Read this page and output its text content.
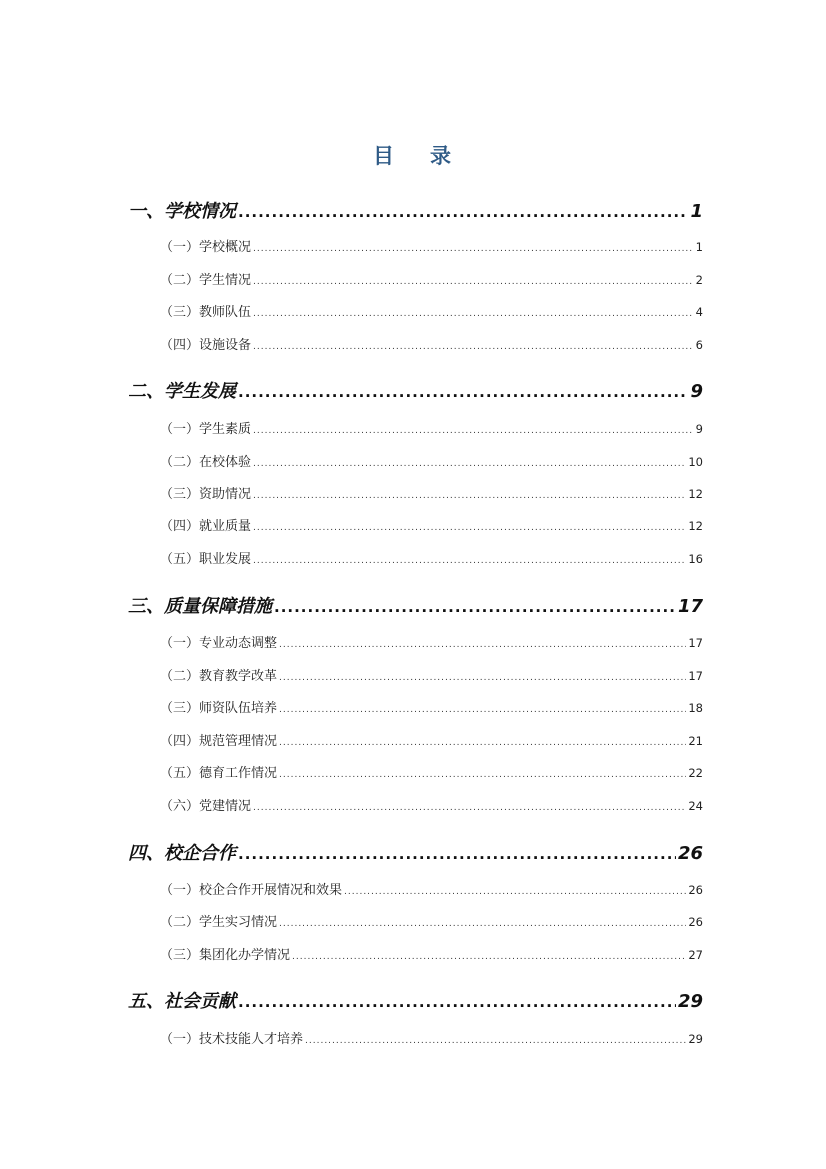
目 录
一、学校情况 .....	1
（一）学校概况 .....	1
（二）学生情况 .....	2
（三）教师队伍 .....	4
（四）设施设备 .....	6
二、学生发展 .....	9
（一）学生素质 .....	9
（二）在校体验 .....	10
（三）资助情况 .....	12
（四）就业质量 .....	12
（五）职业发展 .....	16
三、质量保障措施 .....	17
（一）专业动态调整 .....	17
（二）教育教学改革 .....	17
（三）师资队伍培养 .....	18
（四）规范管理情况 .....	21
（五）德育工作情况 .....	22
（六）党建情况 .....	24
四、校企合作 .....	26
（一）校企合作开展情况和效果 .....	26
（二）学生实习情况 .....	26
（三）集团化办学情况 .....	27
五、社会贡献 .....	29
（一）技术技能人才培养 .....	29
